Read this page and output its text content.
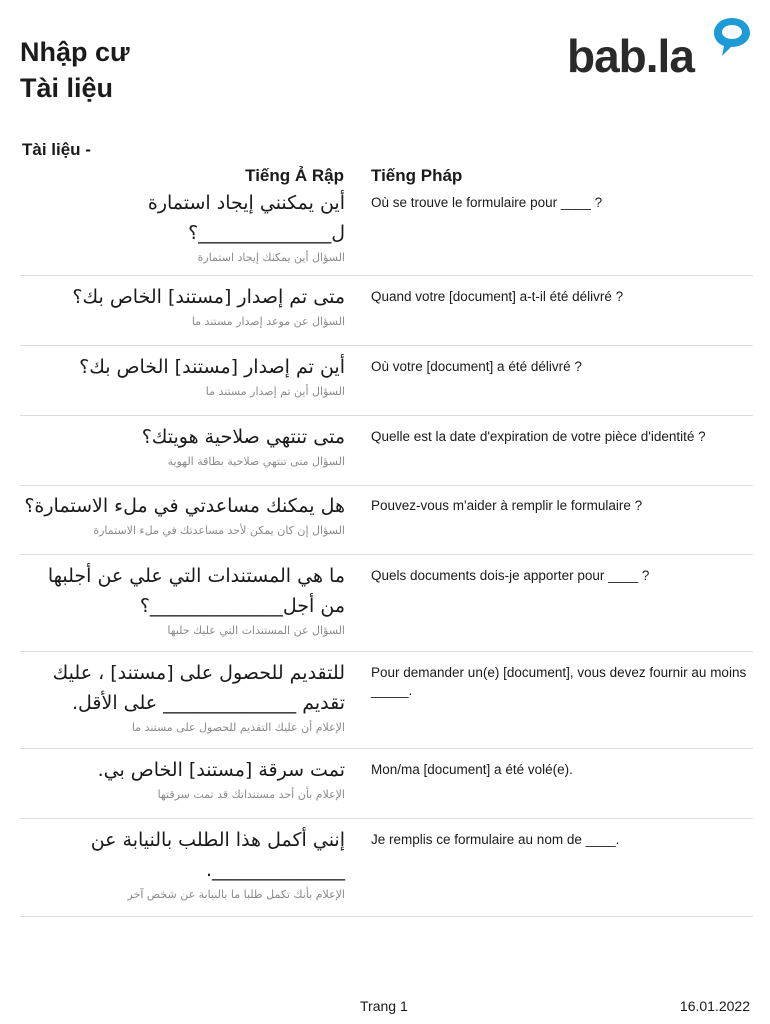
Nhập cư
Tài liệu
bab.la
Tài liệu -
Tiếng Ả Rập Tiếng Pháp
أين يمكنني إيجاد استمارة ل______________؟
السؤال أين يمكنك إيجاد استمارة
Où se trouve le formulaire pour ____ ?
متى تم إصدار [مستند] الخاص بك؟
السؤال عن موعد إصدار مستند ما
Quand votre [document] a-t-il été délivré ?
أين تم إصدار [مستند] الخاص بك؟
السؤال أين تم إصدار مستند ما
Où votre [document] a été délivré ?
متى تنتهي صلاحية هويتك؟
السؤال متى تنتهي صلاحية بطاقة الهوية
Quelle est la date d'expiration de votre pièce d'identité ?
هل يمكنك مساعدتي في ملء الاستمارة؟
السؤال إن كان يمكن لأحد مساعدتك في ملء الاستمارة
Pouvez-vous m'aider à remplir le formulaire ?
ما هي المستندات التي علي عن أجلبها من أجل______________؟
السؤال عن المستندات التي عليك جلبها
Quels documents dois-je apporter pour ____ ?
للتقديم للحصول على [مستند] ، عليك تقديم ______________ على الأقل.
الإعلام أن عليك التقديم للحصول على مستند ما
Pour demander un(e) [document], vous devez fournir au moins _____.
تمت سرقة [مستند] الخاص بي.
الإعلام بأن أحد مستنداتك قد تمت سرقتها
Mon/ma [document] a été volé(e).
إنني أكمل هذا الطلب بالنيابة عن ______________.
الإعلام بأنك تكمل طلبا ما بالنيابة عن شخص آخر
Je remplis ce formulaire au nom de ____.
Trang 1	16.01.2022
